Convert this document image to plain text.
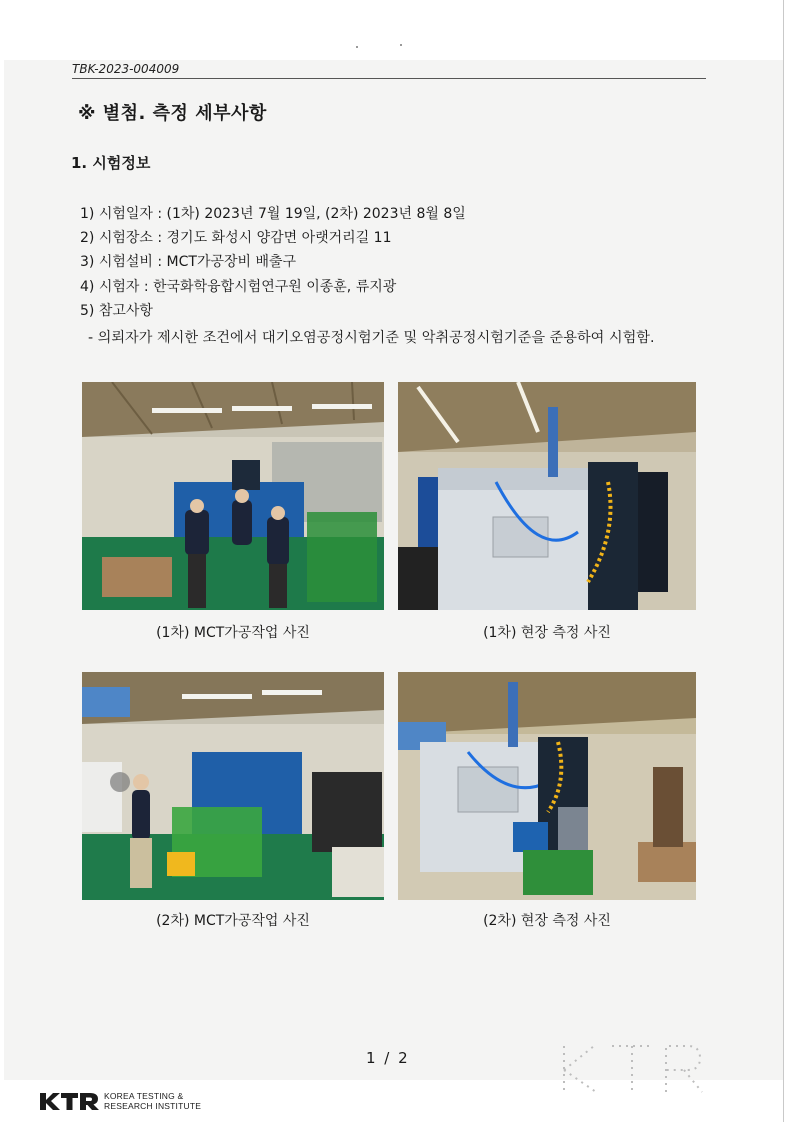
TBK-2023-004009
※ 별첨. 측정 세부사항
1. 시험정보
1) 시험일자 : (1차) 2023년 7월 19일, (2차) 2023년 8월 8일
2) 시험장소 : 경기도 화성시 양감면 아랫거리길 11
3) 시험설비 : MCT가공장비 배출구
4) 시험자 : 한국화학융합시험연구원 이종훈, 류지광
5) 참고사항
- 의뢰자가 제시한 조건에서 대기오염공정시험기준 및 악취공정시험기준을 준용하여 시험함.
(1차) MCT가공작업 사진	(1차) 현장 측정 사진
(2차) MCT가공작업 사진	(2차) 현장 측정 사진
1 / 2
KOREA TESTING &
RESEARCH INSTITUTE
